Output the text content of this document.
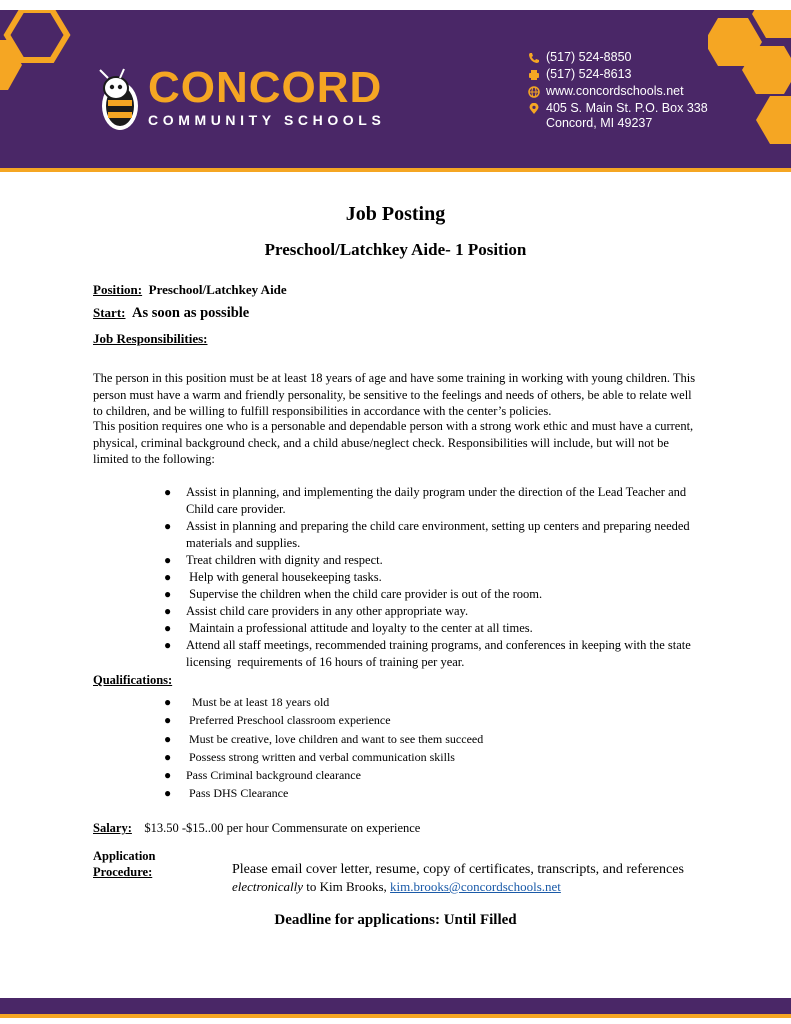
CONCORD
COMMUNITY SCHOOLS
(517) 524-8850
(517) 524-8613
www.concordschools.net
405 S. Main St. P.O. Box 338
Concord, MI 49237
Job Posting
Preschool/Latchkey Aide- 1 Position
Position: Preschool/Latchkey Aide
Start: As soon as possible
Job Responsibilities:
The person in this position must be at least 18 years of age and have some training in working with young children. This person must have a warm and friendly personality, be sensitive to the feelings and needs of others, be able to relate well to children, and be willing to fulfill responsibilities in accordance with the center’s policies.
This position requires one who is a personable and dependable person with a strong work ethic and must have a current, physical, criminal background check, and a child abuse/neglect check. Responsibilities will include, but will not be limited to the following:
● Assist in planning, and implementing the daily program under the direction of the Lead Teacher and Child care provider.
● Assist in planning and preparing the child care environment, setting up centers and preparing needed materials and supplies.
● Treat children with dignity and respect.
● Help with general housekeeping tasks.
● Supervise the children when the child care provider is out of the room.
● Assist child care providers in any other appropriate way.
● Maintain a professional attitude and loyalty to the center at all times.
● Attend all staff meetings, recommended training programs, and conferences in keeping with the state licensing  requirements of 16 hours of training per year.
Qualifications:
● Must be at least 18 years old
● Preferred Preschool classroom experience
● Must be creative, love children and want to see them succeed
● Possess strong written and verbal communication skills
● Pass Criminal background clearance
● Pass DHS Clearance
Salary: $13.50 -$15..00 per hour Commensurate on experience
Application
Procedure:	Please email cover letter, resume, copy of certificates, transcripts, and references
electronically to Kim Brooks, kim.brooks@concordschools.net
Deadline for applications: Until Filled
